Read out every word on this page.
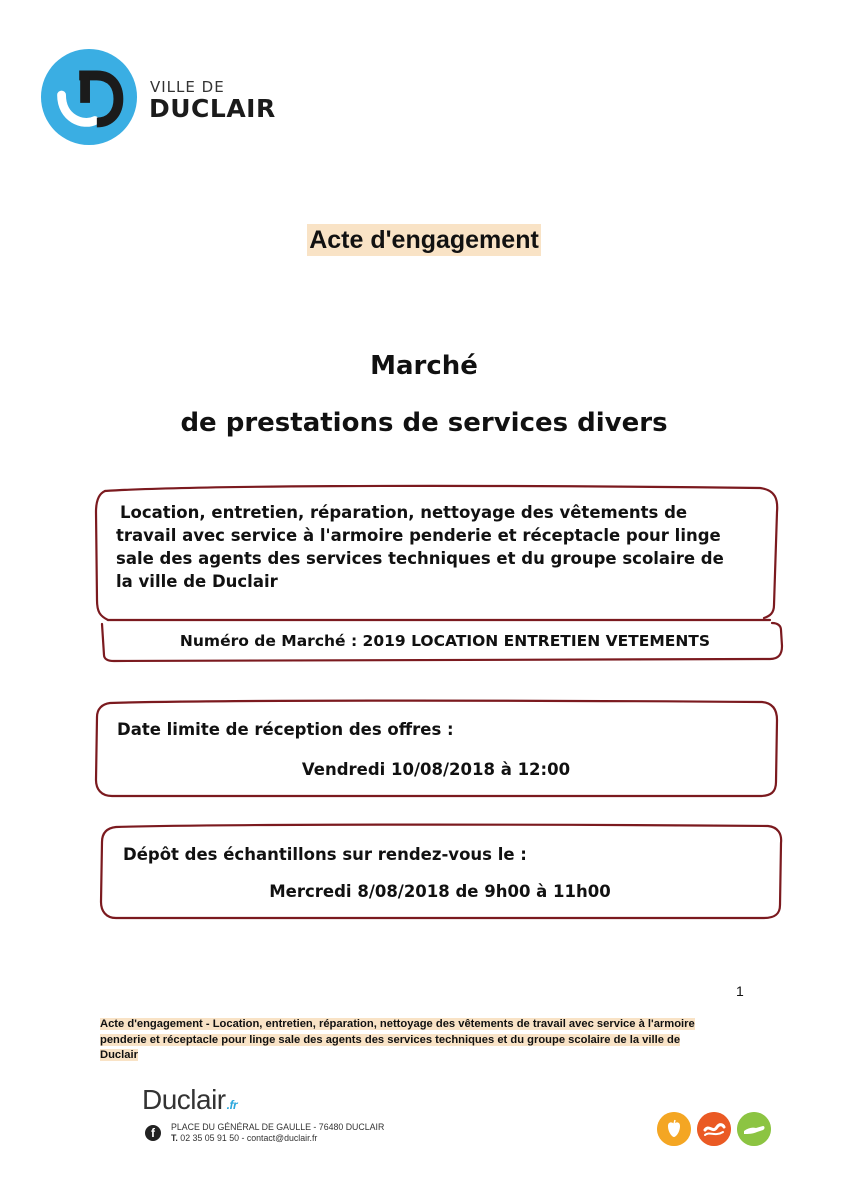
VILLE DE
DUCLAIR
Acte d'engagement
Marché
de prestations de services divers
Location, entretien, réparation, nettoyage des vêtements de
travail avec service à l'armoire penderie et réceptacle pour linge
sale des agents des services techniques et du groupe scolaire de
la ville de Duclair
Numéro de Marché : 2019 LOCATION ENTRETIEN VETEMENTS
Date limite de réception des offres :
Vendredi 10/08/2018 à 12:00
Dépôt des échantillons sur rendez-vous le :
Mercredi 8/08/2018 de 9h00 à 11h00
1
Acte d'engagement - Location, entretien, réparation, nettoyage des vêtements de travail avec service à l'armoire
penderie et réceptacle pour linge sale des agents des services techniques et du groupe scolaire de la ville de
Duclair
Duclair.fr
f	PLACE DU GÉNÉRAL DE GAULLE - 76480 DUCLAIR
T. 02 35 05 91 50 - contact@duclair.fr
